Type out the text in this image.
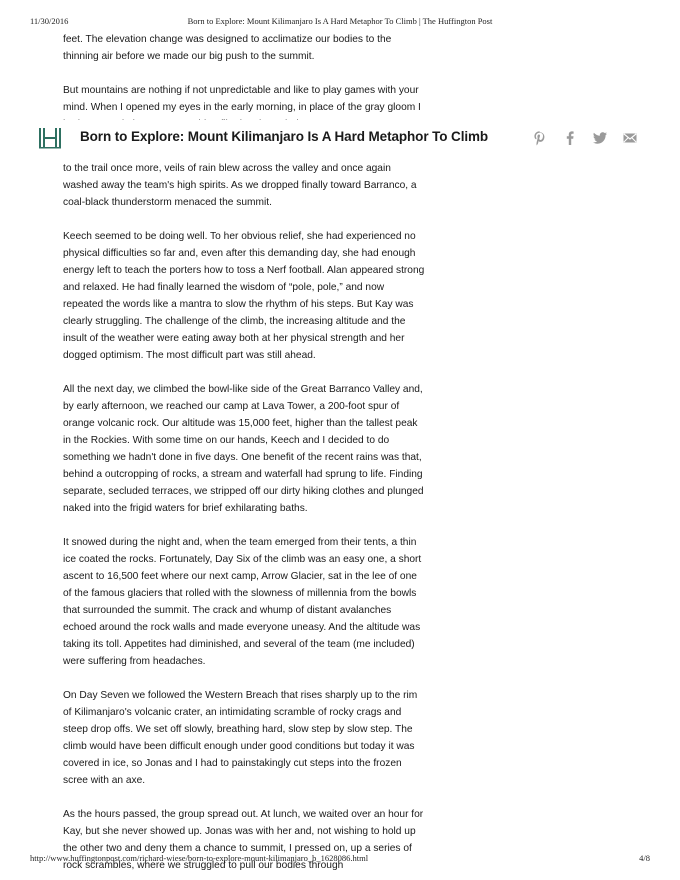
11/30/2016	Born to Explore: Mount Kilimanjaro Is A Hard Metaphor To Climb | The Huffington Post

feet. The elevation change was designed to acclimatize our bodies to the thinning air before we made our big push to the summit.

But mountains are nothing if not unpredictable and like to play games with your mind. When I opened my eyes in the early morning, in place of the gray gloom I

Born to Explore: Mount Kilimanjaro Is A Hard Metaphor To Climb

to the trail once more, veils of rain blew across the valley and once again washed away the team's high spirits. As we dropped finally toward Barranco, a coal-black thunderstorm menaced the summit.

Keech seemed to be doing well. To her obvious relief, she had experienced no physical difficulties so far and, even after this demanding day, she had enough energy left to teach the porters how to toss a Nerf football. Alan appeared strong and relaxed. He had finally learned the wisdom of “pole, pole,” and now repeated the words like a mantra to slow the rhythm of his steps. But Kay was clearly struggling. The challenge of the climb, the increasing altitude and the insult of the weather were eating away both at her physical strength and her dogged optimism. The most difficult part was still ahead.

All the next day, we climbed the bowl-like side of the Great Barranco Valley and, by early afternoon, we reached our camp at Lava Tower, a 200-foot spur of orange volcanic rock. Our altitude was 15,000 feet, higher than the tallest peak in the Rockies. With some time on our hands, Keech and I decided to do something we hadn't done in five days. One benefit of the recent rains was that, behind a outcropping of rocks, a stream and waterfall had sprung to life. Finding separate, secluded terraces, we stripped off our dirty hiking clothes and plunged naked into the frigid waters for brief exhilarating baths.

It snowed during the night and, when the team emerged from their tents, a thin ice coated the rocks. Fortunately, Day Six of the climb was an easy one, a short ascent to 16,500 feet where our next camp, Arrow Glacier, sat in the lee of one of the famous glaciers that rolled with the slowness of millennia from the bowls that surrounded the summit. The crack and whump of distant avalanches echoed around the rock walls and made everyone uneasy. And the altitude was taking its toll. Appetites had diminished, and several of the team (me included) were suffering from headaches.

On Day Seven we followed the Western Breach that rises sharply up to the rim of Kilimanjaro's volcanic crater, an intimidating scramble of rocky crags and steep drop offs. We set off slowly, breathing hard, slow step by slow step. The climb would have been difficult enough under good conditions but today it was covered in ice, so Jonas and I had to painstakingly cut steps into the frozen scree with an axe.

As the hours passed, the group spread out. At lunch, we waited over an hour for Kay, but she never showed up. Jonas was with her and, not wishing to hold up the other two and deny them a chance to summit, I pressed on, up a series of rock scrambles, where we struggled to pull our bodies through

http://www.huffingtonpost.com/richard-wiese/born-to-explore-mount-kilimanjaro_b_1628086.html	4/8
